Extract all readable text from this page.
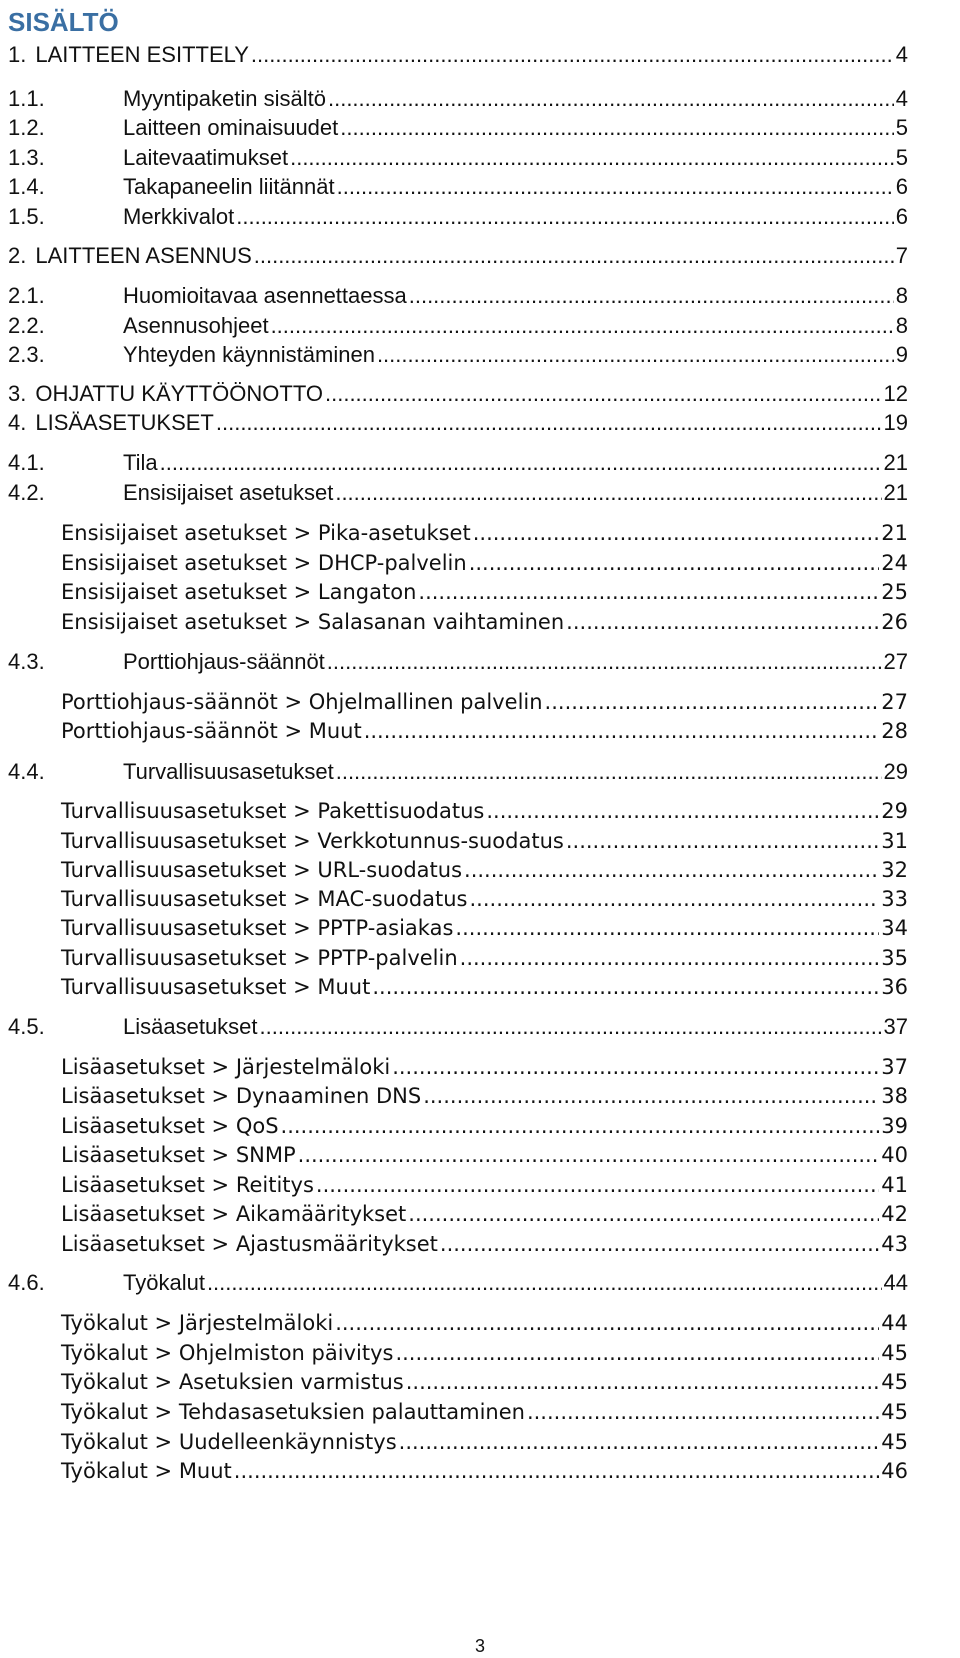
SISÄLTÖ
1. LAITTEEN ESITTELY .....	4
1.1.	Myyntipaketin sisältö .....	4
1.2.	Laitteen ominaisuudet .....	5
1.3.	Laitevaatimukset .....	5
1.4.	Takapaneelin liitännät .....	6
1.5.	Merkkivalot .....	6
2. LAITTEEN ASENNUS .....	7
2.1.	Huomioitavaa asennettaessa .....	8
2.2.	Asennusohjeet .....	8
2.3.	Yhteyden käynnistäminen .....	9
3. OHJATTU KÄYTTÖÖNOTTO .....	12
4. LISÄASETUKSET .....	19
4.1.	Tila .....	21
4.2.	Ensisijaiset asetukset .....	21
Ensisijaiset asetukset > Pika-asetukset .....	21
Ensisijaiset asetukset > DHCP-palvelin .....	24
Ensisijaiset asetukset > Langaton .....	25
Ensisijaiset asetukset > Salasanan vaihtaminen .....	26
4.3.	Porttiohjaus-säännöt .....	27
Porttiohjaus-säännöt > Ohjelmallinen palvelin .....	27
Porttiohjaus-säännöt > Muut .....	28
4.4.	Turvallisuusasetukset .....	29
Turvallisuusasetukset > Pakettisuodatus .....	29
Turvallisuusasetukset > Verkkotunnus-suodatus .....	31
Turvallisuusasetukset > URL-suodatus .....	32
Turvallisuusasetukset > MAC-suodatus .....	33
Turvallisuusasetukset > PPTP-asiakas .....	34
Turvallisuusasetukset > PPTP-palvelin .....	35
Turvallisuusasetukset > Muut .....	36
4.5.	Lisäasetukset .....	37
Lisäasetukset > Järjestelmäloki .....	37
Lisäasetukset > Dynaaminen DNS .....	38
Lisäasetukset > QoS .....	39
Lisäasetukset > SNMP .....	40
Lisäasetukset > Reititys .....	41
Lisäasetukset > Aikamääritykset .....	42
Lisäasetukset > Ajastusmääritykset .....	43
4.6.	Työkalut .....	44
Työkalut > Järjestelmäloki .....	44
Työkalut > Ohjelmiston päivitys .....	45
Työkalut > Asetuksien varmistus .....	45
Työkalut > Tehdasasetuksien palauttaminen .....	45
Työkalut > Uudelleenkäynnistys .....	45
Työkalut > Muut .....	46
3
